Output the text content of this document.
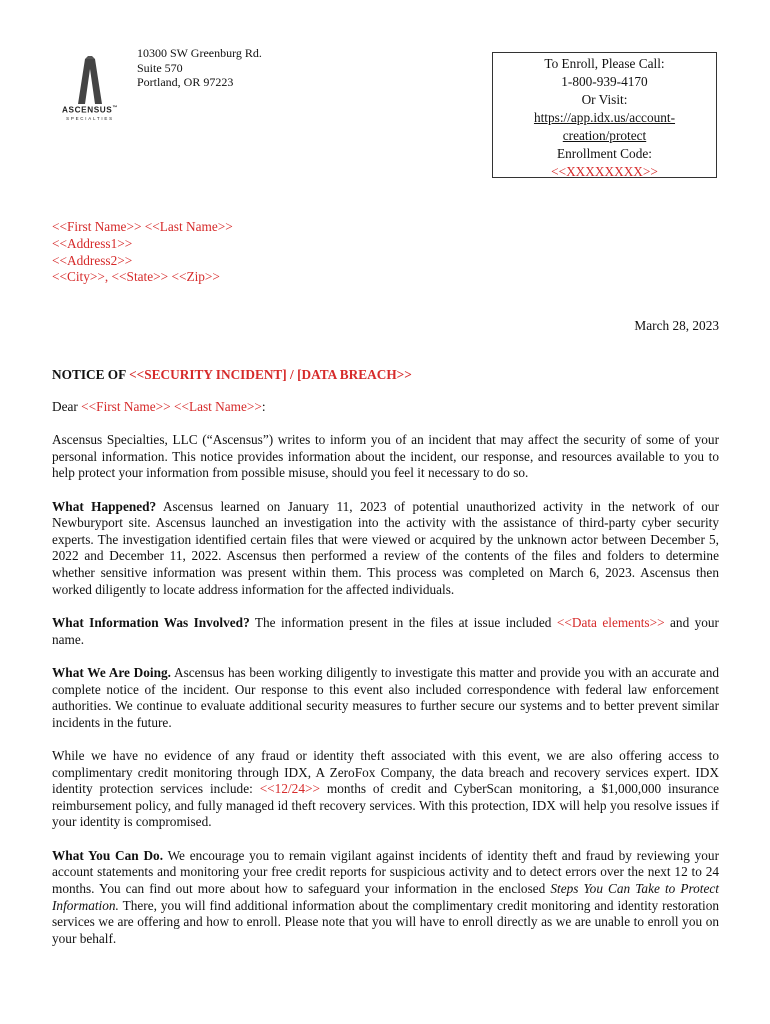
ASCENSUS™
SPECIALTIES
10300 SW Greenburg Rd.
Suite 570
Portland, OR 97223
To Enroll, Please Call:
1-800-939-4170
Or Visit:
https://app.idx.us/account-
creation/protect
Enrollment Code:
<<XXXXXXXX>>
<<First Name>> <<Last Name>>
<<Address1>>
<<Address2>>
<<City>>, <<State>> <<Zip>>
March 28, 2023
NOTICE OF <<SECURITY INCIDENT] / [DATA BREACH>>
Dear <<First Name>> <<Last Name>>:

Ascensus Specialties, LLC (“Ascensus”) writes to inform you of an incident that may affect the security of some of your personal information. This notice provides information about the incident, our response, and resources available to you to help protect your information from possible misuse, should you feel it necessary to do so.

What Happened? Ascensus learned on January 11, 2023 of potential unauthorized activity in the network of our Newburyport site. Ascensus launched an investigation into the activity with the assistance of third-party cyber security experts. The investigation identified certain files that were viewed or acquired by the unknown actor between December 5, 2022 and December 11, 2022. Ascensus then performed a review of the contents of the files and folders to determine whether sensitive information was present within them. This process was completed on March 6, 2023. Ascensus then worked diligently to locate address information for the affected individuals.

What Information Was Involved? The information present in the files at issue included <<Data elements>> and your name.

What We Are Doing. Ascensus has been working diligently to investigate this matter and provide you with an accurate and complete notice of the incident. Our response to this event also included correspondence with federal law enforcement authorities. We continue to evaluate additional security measures to further secure our systems and to better prevent similar incidents in the future.

While we have no evidence of any fraud or identity theft associated with this event, we are also offering access to complimentary credit monitoring through IDX, A ZeroFox Company, the data breach and recovery services expert. IDX identity protection services include: <<12/24>> months of credit and CyberScan monitoring, a $1,000,000 insurance reimbursement policy, and fully managed id theft recovery services. With this protection, IDX will help you resolve issues if your identity is compromised.

What You Can Do. We encourage you to remain vigilant against incidents of identity theft and fraud by reviewing your account statements and monitoring your free credit reports for suspicious activity and to detect errors over the next 12 to 24 months. You can find out more about how to safeguard your information in the enclosed Steps You Can Take to Protect Information. There, you will find additional information about the complimentary credit monitoring and identity restoration services we are offering and how to enroll. Please note that you will have to enroll directly as we are unable to enroll you on your behalf.
